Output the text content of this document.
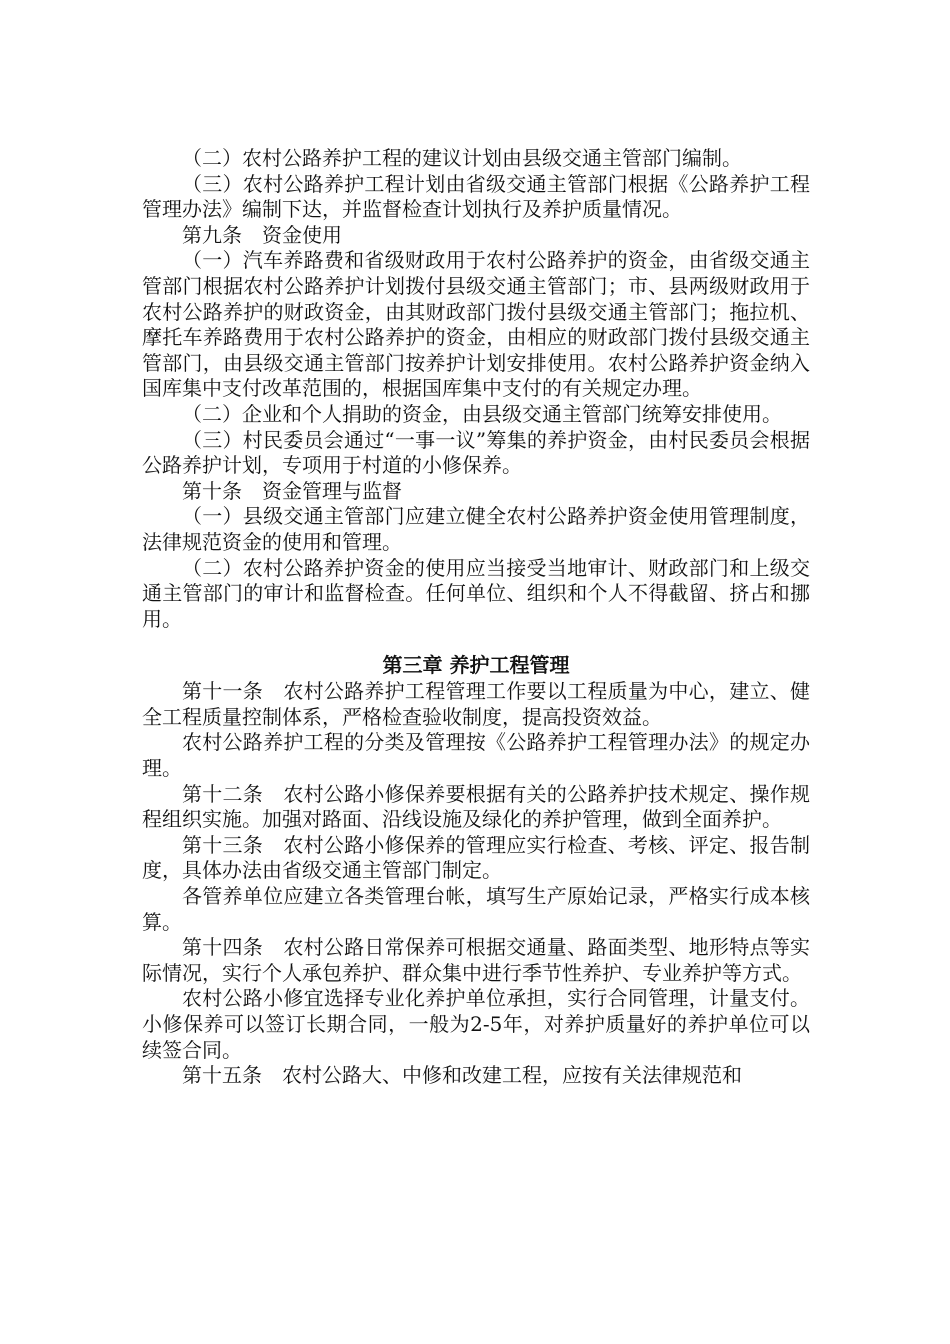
（二）农村公路养护工程的建议计划由县级交通主管部门编制。

（三）农村公路养护工程计划由省级交通主管部门根据《公路养护工程管理办法》编制下达，并监督检查计划执行及养护质量情况。

第九条　资金使用

（一）汽车养路费和省级财政用于农村公路养护的资金，由省级交通主管部门根据农村公路养护计划拨付县级交通主管部门；市、县两级财政用于农村公路养护的财政资金，由其财政部门拨付县级交通主管部门；拖拉机、摩托车养路费用于农村公路养护的资金，由相应的财政部门拨付县级交通主管部门，由县级交通主管部门按养护计划安排使用。农村公路养护资金纳入国库集中支付改革范围的，根据国库集中支付的有关规定办理。

（二）企业和个人捐助的资金，由县级交通主管部门统筹安排使用。

（三）村民委员会通过“一事一议”筹集的养护资金，由村民委员会根据公路养护计划，专项用于村道的小修保养。

第十条　资金管理与监督

（一）县级交通主管部门应建立健全农村公路养护资金使用管理制度，法律规范资金的使用和管理。

（二）农村公路养护资金的使用应当接受当地审计、财政部门和上级交通主管部门的审计和监督检查。任何单位、组织和个人不得截留、挤占和挪用。

第三章 养护工程管理

第十一条　农村公路养护工程管理工作要以工程质量为中心，建立、健全工程质量控制体系，严格检查验收制度，提高投资效益。

农村公路养护工程的分类及管理按《公路养护工程管理办法》的规定办理。

第十二条　农村公路小修保养要根据有关的公路养护技术规定、操作规程组织实施。加强对路面、沿线设施及绿化的养护管理，做到全面养护。

第十三条　农村公路小修保养的管理应实行检查、考核、评定、报告制度，具体办法由省级交通主管部门制定。

各管养单位应建立各类管理台帐，填写生产原始记录，严格实行成本核算。

第十四条　农村公路日常保养可根据交通量、路面类型、地形特点等实际情况，实行个人承包养护、群众集中进行季节性养护、专业养护等方式。

农村公路小修宜选择专业化养护单位承担，实行合同管理，计量支付。小修保养可以签订长期合同，一般为2-5年，对养护质量好的养护单位可以续签合同。

第十五条　农村公路大、中修和改建工程，应按有关法律规范和
